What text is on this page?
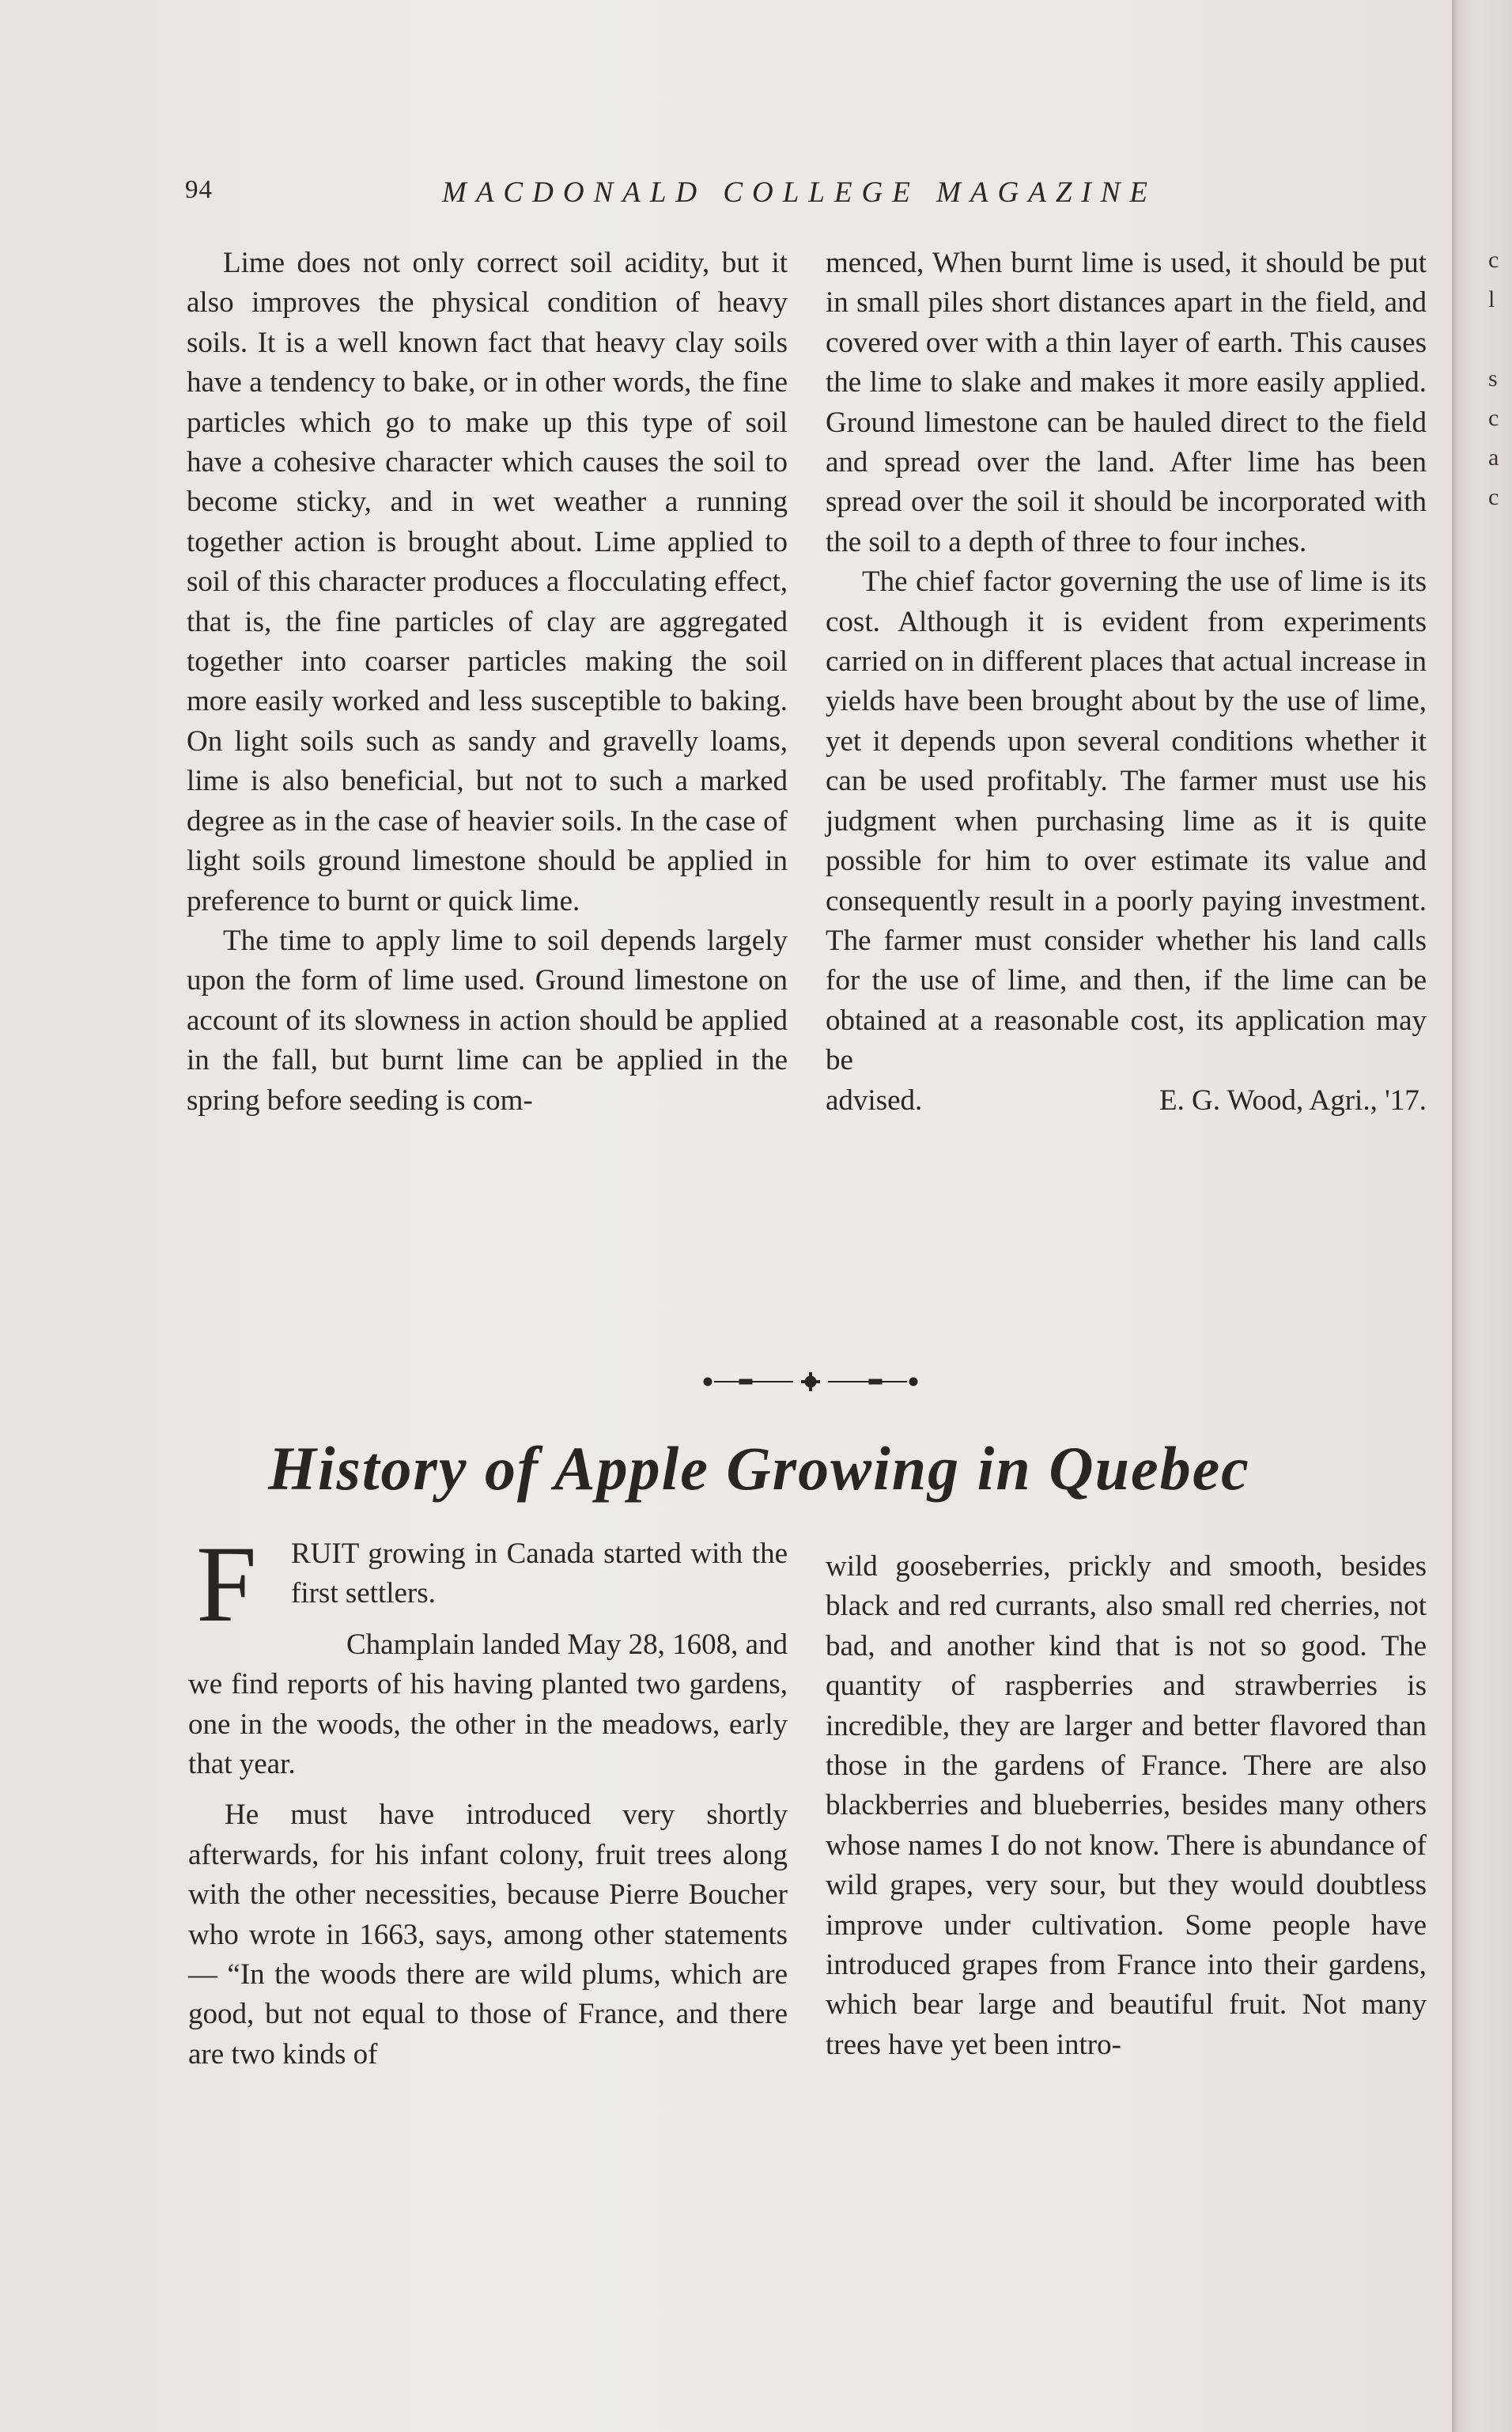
94	MACDONALD COLLEGE MAGAZINE

Lime does not only correct soil acidity, but it also improves the physical condition of heavy soils. It is a well known fact that heavy clay soils have a tendency to bake, or in other words, the fine particles which go to make up this type of soil have a cohesive character which causes the soil to become sticky, and in wet weather a running together action is brought about. Lime applied to soil of this character produces a flocculating effect, that is, the fine particles of clay are aggregated together into coarser particles making the soil more easily worked and less susceptible to baking. On light soils such as sandy and gravelly loams, lime is also beneficial, but not to such a marked degree as in the case of heavier soils. In the case of light soils ground limestone should be applied in preference to burnt or quick lime.

The time to apply lime to soil depends largely upon the form of lime used. Ground limestone on account of its slowness in action should be applied in the fall, but burnt lime can be applied in the spring before seeding is com-

menced, When burnt lime is used, it should be put in small piles short distances apart in the field, and covered over with a thin layer of earth. This causes the lime to slake and makes it more easily applied. Ground limestone can be hauled direct to the field and spread over the land. After lime has been spread over the soil it should be incorporated with the soil to a depth of three to four inches.

The chief factor governing the use of lime is its cost. Although it is evident from experiments carried on in different places that actual increase in yields have been brought about by the use of lime, yet it depends upon several conditions whether it can be used profitably. The farmer must use his judgment when purchasing lime as it is quite possible for him to over estimate its value and consequently result in a poorly paying investment. The farmer must consider whether his land calls for the use of lime, and then, if the lime can be obtained at a reasonable cost, its application may be

advised.	E. G. Wood, Agri., '17.

History of Apple Growing in Quebec

F RUIT growing in Canada started with the first settlers.

Champlain landed May 28, 1608, and we find reports of his having planted two gardens, one in the woods, the other in the meadows, early that year.

He must have introduced very shortly afterwards, for his infant colony, fruit trees along with the other necessities, because Pierre Boucher who wrote in 1663, says, among other statements— “In the woods there are wild plums, which are good, but not equal to those of France, and there are two kinds of

wild gooseberries, prickly and smooth, besides black and red currants, also small red cherries, not bad, and another kind that is not so good. The quantity of raspberries and strawberries is incredible, they are larger and better flavored than those in the gardens of France. There are also blackberries and blueberries, besides many others whose names I do not know. There is abundance of wild grapes, very sour, but they would doubtless improve under cultivation. Some people have introduced grapes from France into their gardens, which bear large and beautiful fruit. Not many trees have yet been intro-

c
l
s
c
a
c
